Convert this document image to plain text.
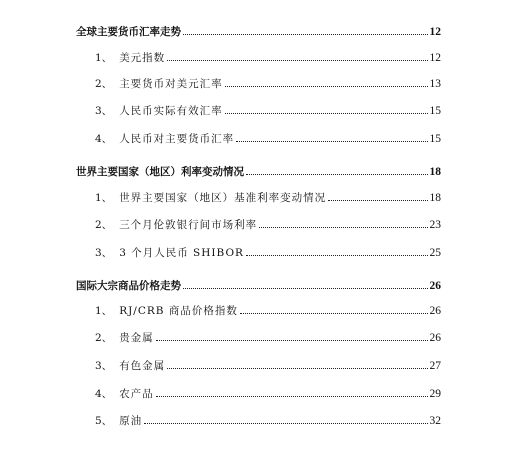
全球主要货币汇率走势	12
1、 美元指数	12
2、 主要货币对美元汇率	13
3、 人民币实际有效汇率	15
4、 人民币对主要货币汇率	15
世界主要国家（地区）利率变动情况	18
1、 世界主要国家（地区）基准利率变动情况	18
2、 三个月伦敦银行间市场利率	23
3、 3 个月人民币 SHIBOR	25
国际大宗商品价格走势	26
1、 RJ/CRB 商品价格指数	26
2、 贵金属	26
3、 有色金属	27
4、 农产品	29
5、 原油	32
